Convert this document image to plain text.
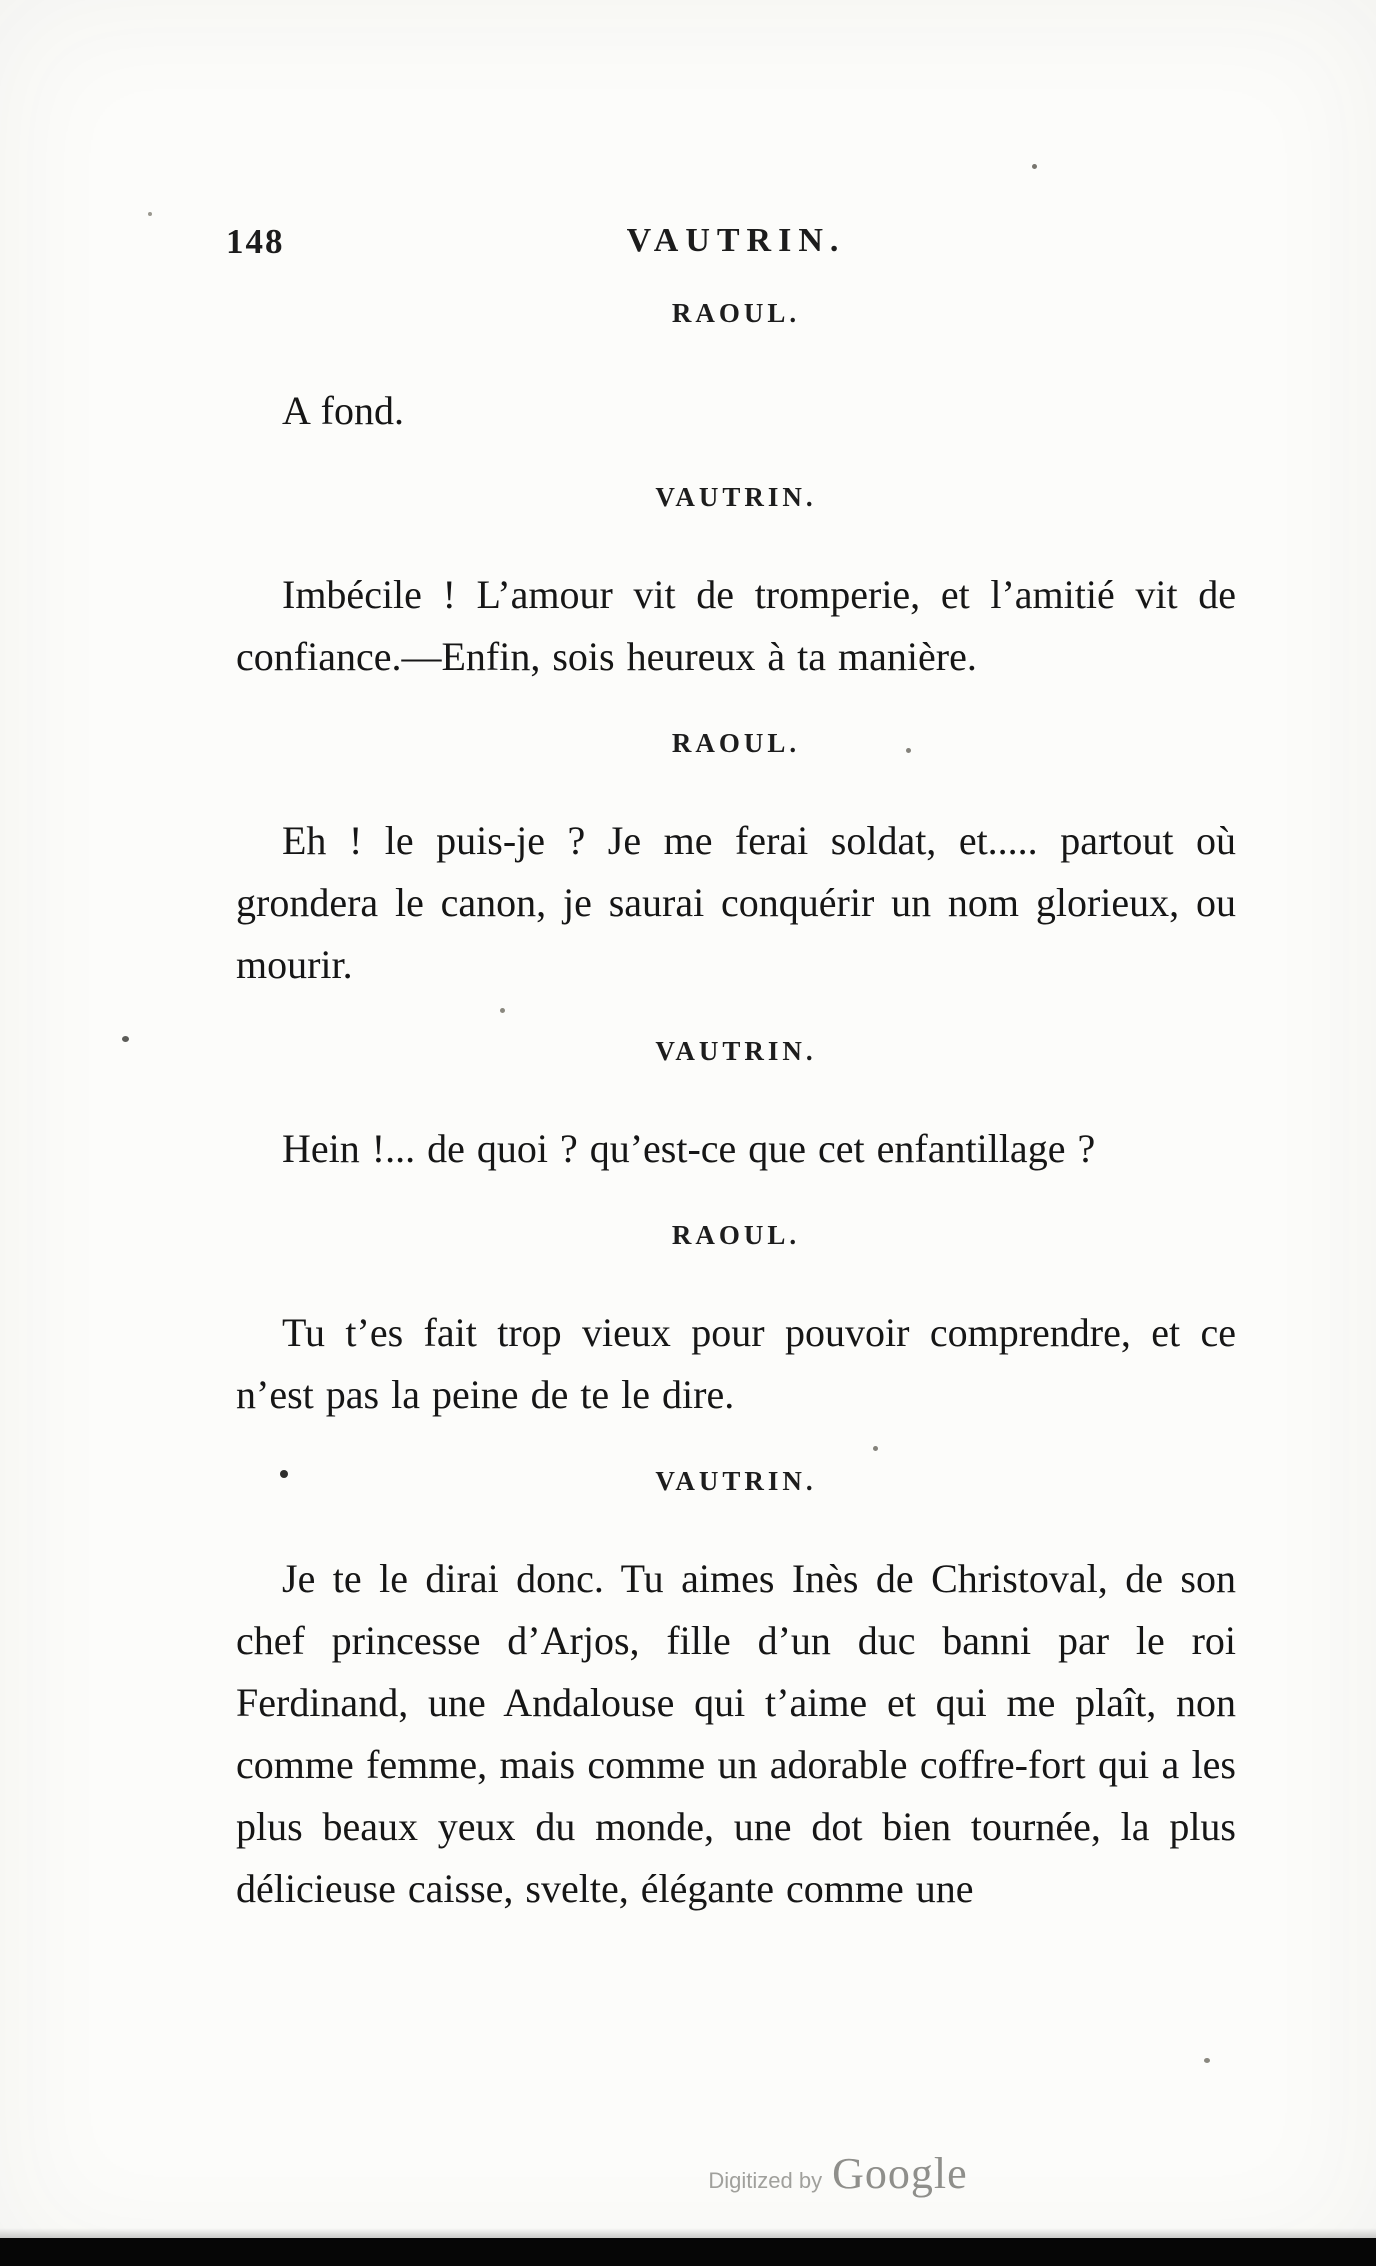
148	VAUTRIN.
RAOUL.

A fond.

VAUTRIN.

Imbécile ! L’amour vit de tromperie, et l’amitié vit de confiance.—Enfin, sois heureux à ta manière.

RAOUL.

Eh ! le puis-je ? Je me ferai soldat, et..... partout où grondera le canon, je saurai conquérir un nom glorieux, ou mourir.

VAUTRIN.

Hein !... de quoi ? qu’est-ce que cet enfantillage ?

RAOUL.

Tu t’es fait trop vieux pour pouvoir comprendre, et ce n’est pas la peine de te le dire.

VAUTRIN.

Je te le dirai donc. Tu aimes Inès de Christoval, de son chef princesse d’Arjos, fille d’un duc banni par le roi Ferdinand, une Andalouse qui t’aime et qui me plaît, non comme femme, mais comme un adorable coffre-fort qui a les plus beaux yeux du monde, une dot bien tournée, la plus délicieuse caisse, svelte, élégante comme une

Digitized by Google
